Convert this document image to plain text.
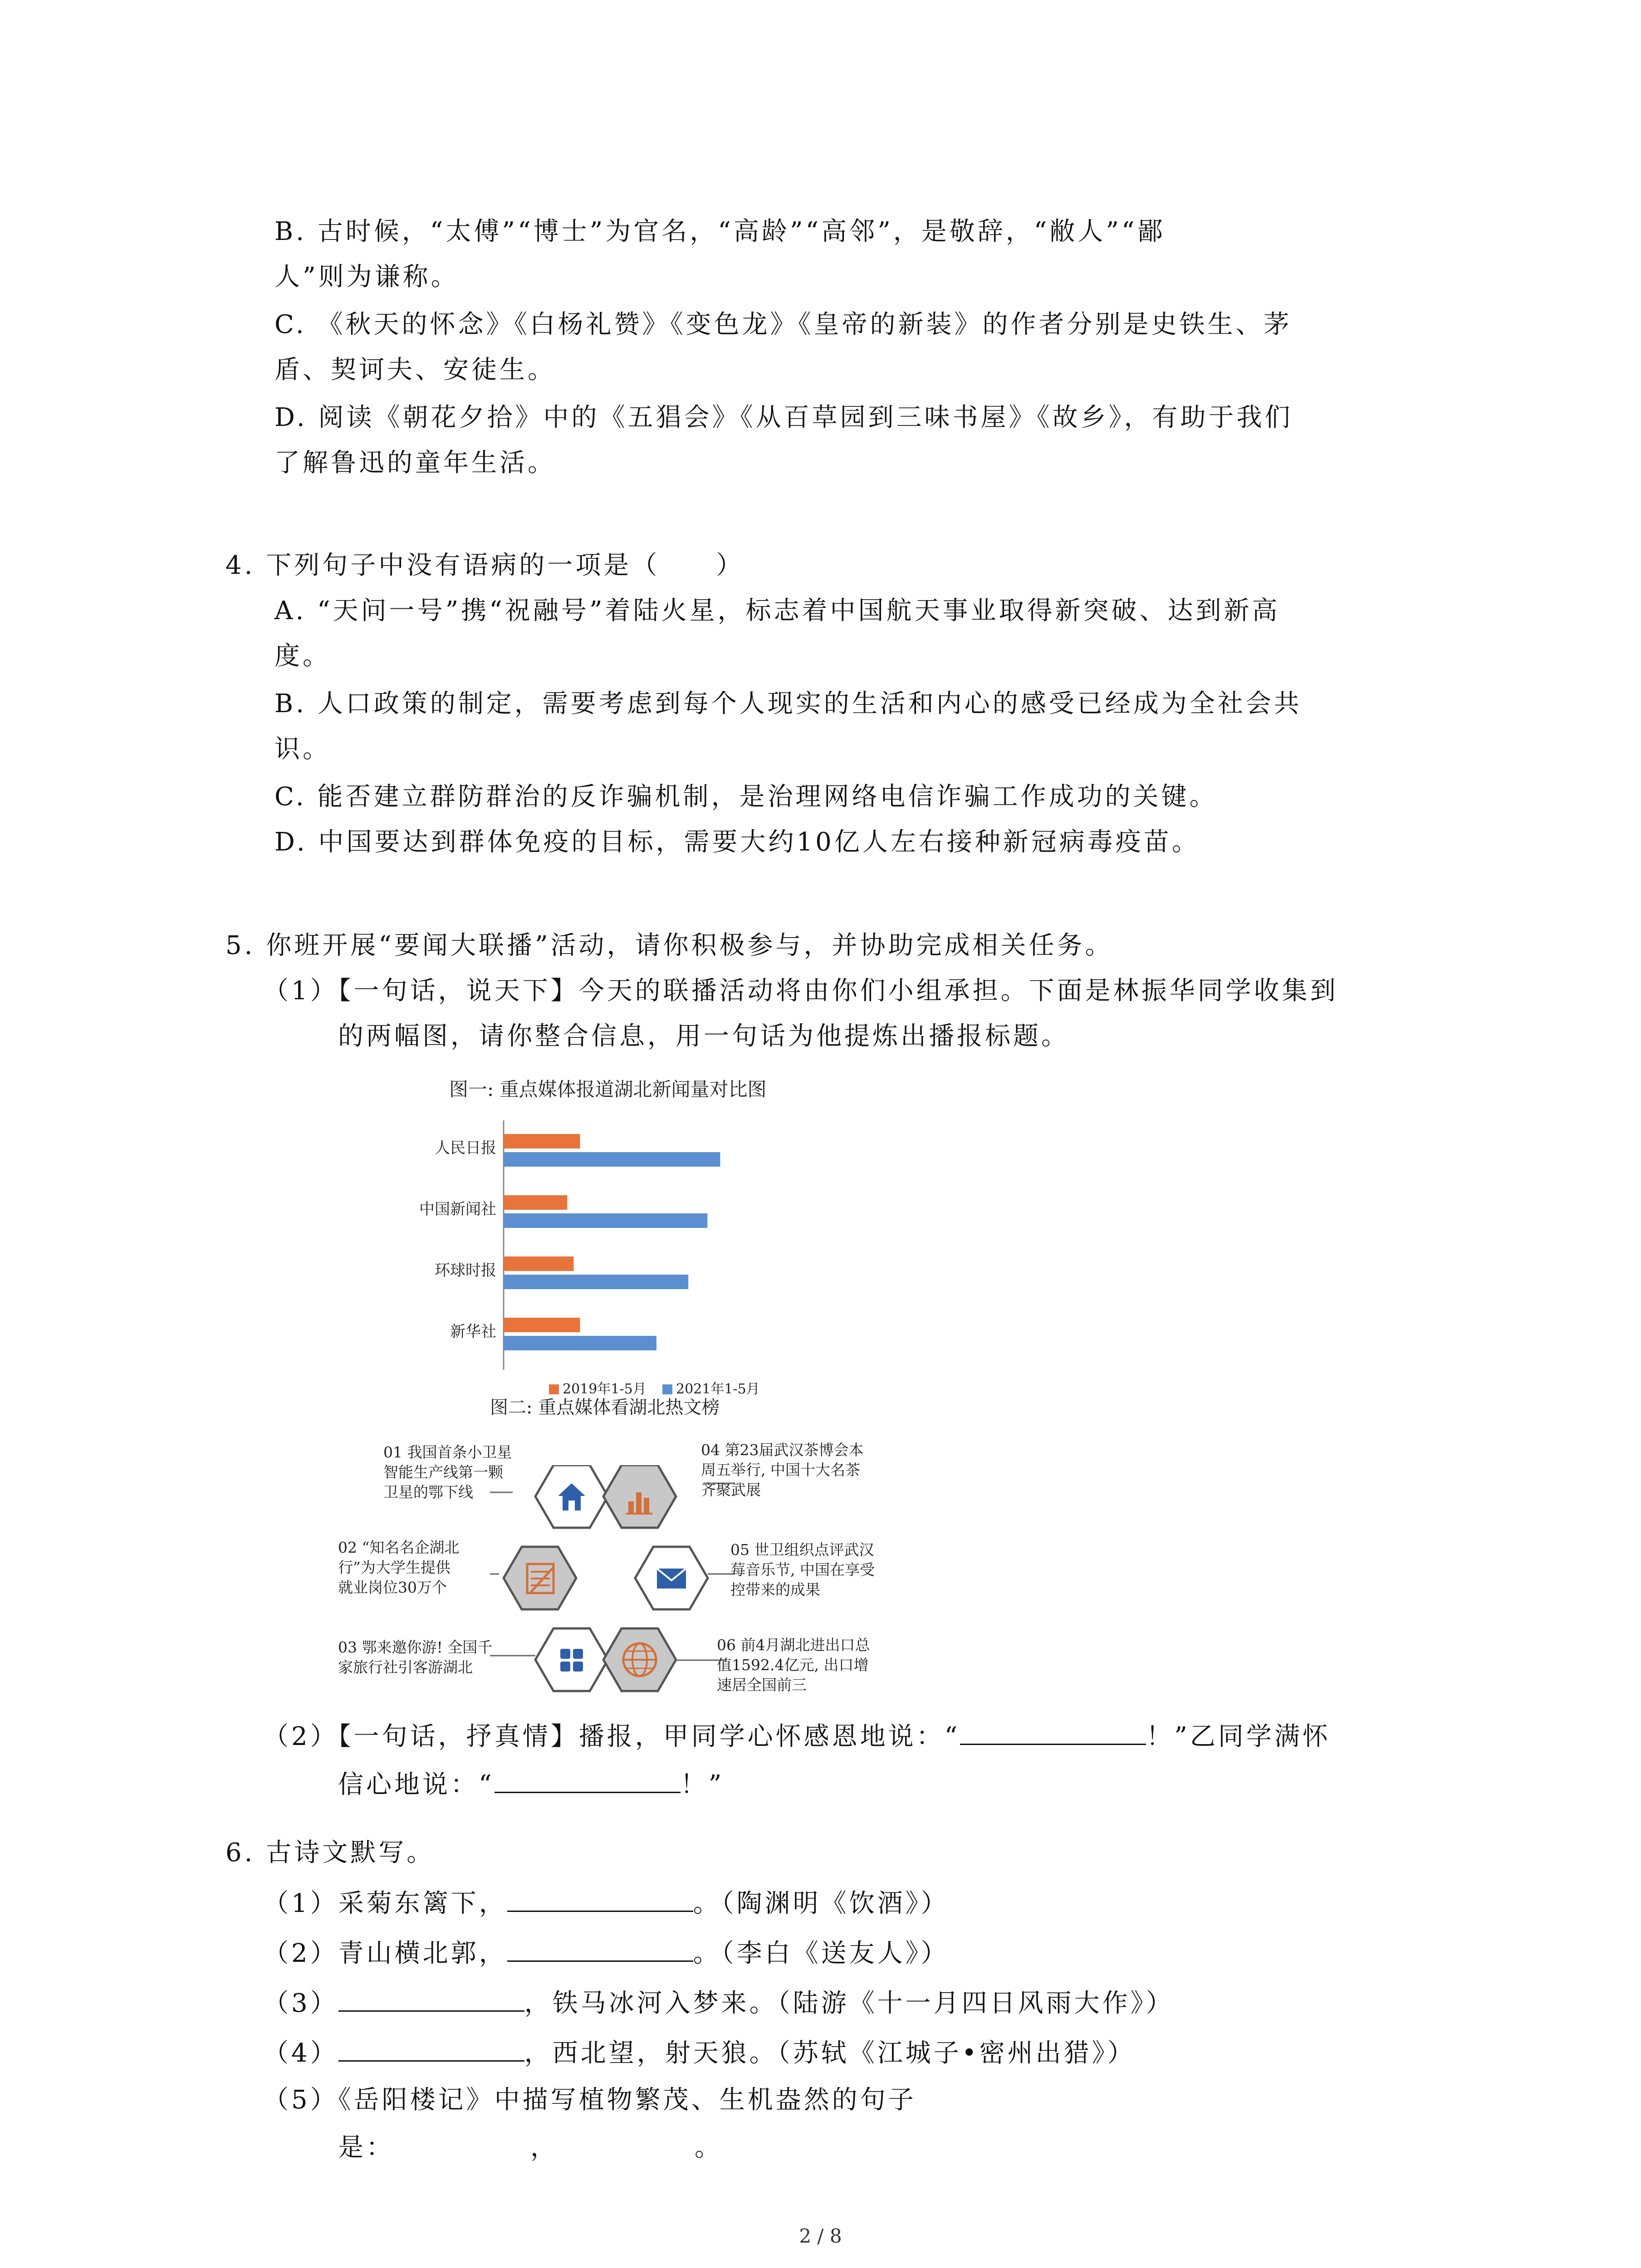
B. 古时候，“太傅”“博士”为官名，“高龄”“高邻”，是敬辞，“敝人”“鄙
人”则为谦称。
C. 《秋天的怀念》《白杨礼赞》《变色龙》《皇帝的新装》的作者分别是史铁生、茅
盾、契诃夫、安徒生。
D. 阅读《朝花夕拾》中的《五猖会》《从百草园到三味书屋》《故乡》，有助于我们
了解鲁迅的童年生活。
4. 下列句子中没有语病的一项是（　　）
A. “天问一号”携“祝融号”着陆火星，标志着中国航天事业取得新突破、达到新高
度。
B. 人口政策的制定，需要考虑到每个人现实的生活和内心的感受已经成为全社会共
识。
C. 能否建立群防群治的反诈骗机制，是治理网络电信诈骗工作成功的关键。
D. 中国要达到群体免疫的目标，需要大约10亿人左右接种新冠病毒疫苗。
5. 你班开展“要闻大联播”活动，请你积极参与，并协助完成相关任务。
（1）【一句话，说天下】今天的联播活动将由你们小组承担。下面是林振华同学收集到
的两幅图，请你整合信息，用一句话为他提炼出播报标题。
图一: 重点媒体报道湖北新闻量对比图
人民日报
中国新闻社
环球时报
新华社
2019年1-5月 2021年1-5月
图二: 重点媒体看湖北热文榜
01 我国首条小卫星
智能生产线第一颗
卫星的鄂下线
02 “知名名企湖北
行”为大学生提供
就业岗位30万个
03 鄂来邀你游! 全国千
家旅行社引客游湖北
04 第23届武汉茶博会本
周五举行, 中国十大名茶
齐聚武展
05 世卫组织点评武汉
莓音乐节, 中国在享受
控带来的成果
06 前4月湖北进出口总
值1592.4亿元, 出口增
速居全国前三
（2）【一句话，抒真情】播报，甲同学心怀感恩地说：“	！”乙同学满怀
信心地说：“	！”
6. 古诗文默写。
（1）采菊东篱下，	。（陶渊明《饮酒》）
（2）青山横北郭，	。（李白《送友人》）
（3）	，铁马冰河入梦来。（陆游《十一月四日风雨大作》）
（4）	，西北望，射天狼。（苏轼《江城子•密州出猎》）
（5）《岳阳楼记》中描写植物繁茂、生机盎然的句子
是：	，	。
2 / 8
